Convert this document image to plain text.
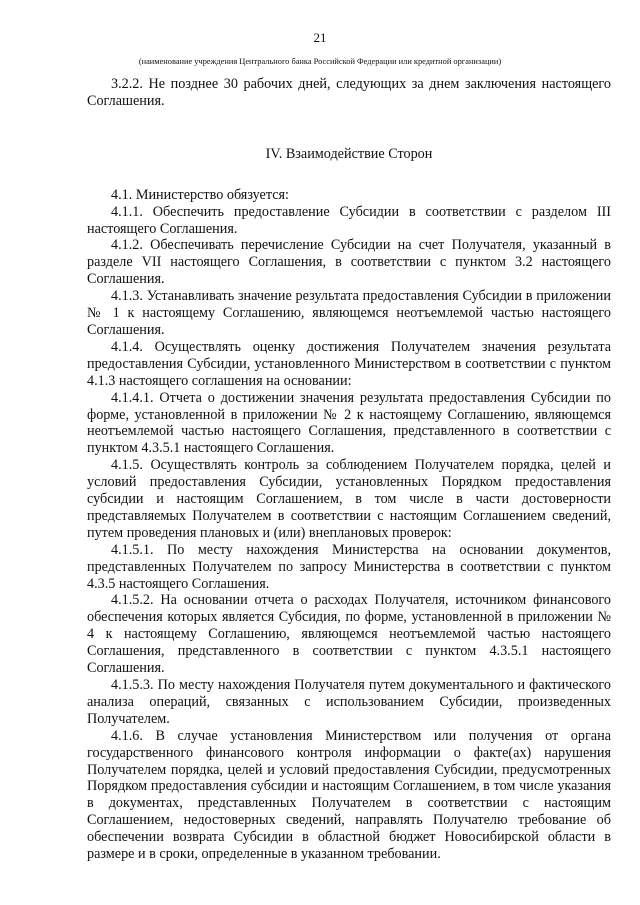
21
(наименование учреждения Центрального банка Российской Федерации или кредитной организации)

3.2.2. Не позднее 30 рабочих дней, следующих за днем заключения настоящего Соглашения.

IV. Взаимодействие Сторон

4.1. Министерство обязуется:

4.1.1. Обеспечить предоставление Субсидии в соответствии с разделом III настоящего Соглашения.

4.1.2. Обеспечивать перечисление Субсидии на счет Получателя, указанный в разделе VII настоящего Соглашения, в соответствии с пунктом 3.2 настоящего Соглашения.

4.1.3. Устанавливать значение результата предоставления Субсидии в приложении № 1 к настоящему Соглашению, являющемся неотъемлемой частью настоящего Соглашения.

4.1.4. Осуществлять оценку достижения Получателем значения результата предоставления Субсидии, установленного Министерством в соответствии с пунктом 4.1.3 настоящего соглашения на основании:

4.1.4.1. Отчета о достижении значения результата предоставления Субсидии по форме, установленной в приложении № 2 к настоящему Соглашению, являющемся неотъемлемой частью настоящего Соглашения, представленного в соответствии с пунктом 4.3.5.1 настоящего Соглашения.

4.1.5. Осуществлять контроль за соблюдением Получателем порядка, целей и условий предоставления Субсидии, установленных Порядком предоставления субсидии и настоящим Соглашением, в том числе в части достоверности представляемых Получателем в соответствии с настоящим Соглашением сведений, путем проведения плановых и (или) внеплановых проверок:

4.1.5.1. По месту нахождения Министерства на основании документов, представленных Получателем по запросу Министерства в соответствии с пунктом 4.3.5 настоящего Соглашения.

4.1.5.2. На основании отчета о расходах Получателя, источником финансового обеспечения которых является Субсидия, по форме, установленной в приложении № 4 к настоящему Соглашению, являющемся неотъемлемой частью настоящего Соглашения, представленного в соответствии с пунктом 4.3.5.1 настоящего Соглашения.

4.1.5.3. По месту нахождения Получателя путем документального и фактического анализа операций, связанных с использованием Субсидии, произведенных Получателем.

4.1.6. В случае установления Министерством или получения от органа государственного финансового контроля информации о факте(ах) нарушения Получателем порядка, целей и условий предоставления Субсидии, предусмотренных Порядком предоставления субсидии и настоящим Соглашением, в том числе указания в документах, представленных Получателем в соответствии с настоящим Соглашением, недостоверных сведений, направлять Получателю требование об обеспечении возврата Субсидии в областной бюджет Новосибирской области в размере и в сроки, определенные в указанном требовании.
